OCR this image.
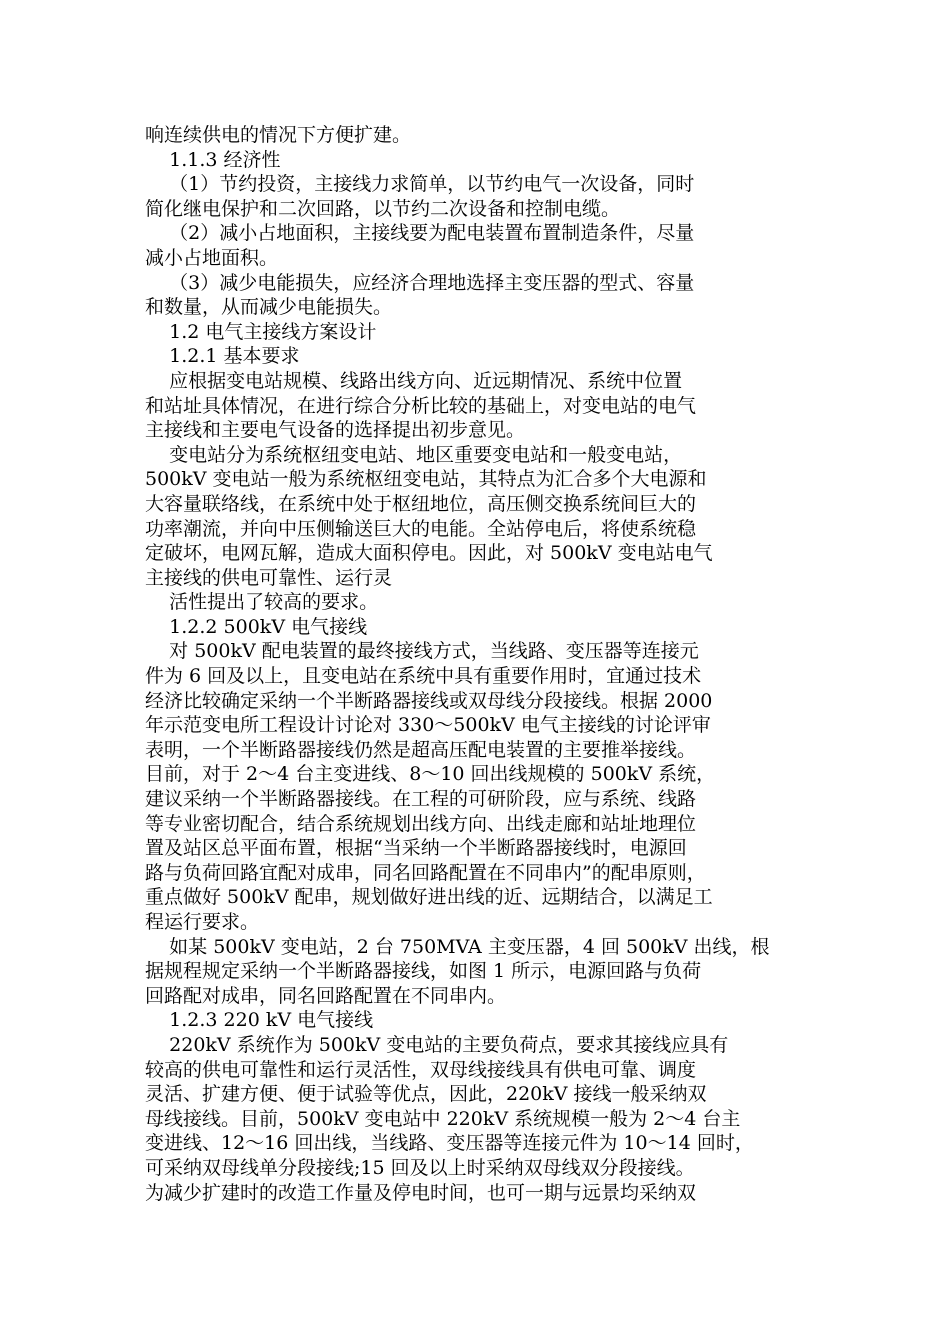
响连续供电的情况下方便扩建。
1.1.3 经济性
（1）节约投资，主接线力求简单，以节约电气一次设备，同时
简化继电保护和二次回路，以节约二次设备和控制电缆。
（2）减小占地面积，主接线要为配电装置布置制造条件，尽量
减小占地面积。
（3）减少电能损失，应经济合理地选择主变压器的型式、容量
和数量，从而减少电能损失。
1.2 电气主接线方案设计
1.2.1 基本要求
应根据变电站规模、线路出线方向、近远期情况、系统中位置
和站址具体情况，在进行综合分析比较的基础上，对变电站的电气
主接线和主要电气设备的选择提出初步意见。
变电站分为系统枢纽变电站、地区重要变电站和一般变电站，
500kV 变电站一般为系统枢纽变电站，其特点为汇合多个大电源和
大容量联络线，在系统中处于枢纽地位，高压侧交换系统间巨大的
功率潮流，并向中压侧输送巨大的电能。全站停电后，将使系统稳
定破坏，电网瓦解，造成大面积停电。因此，对 500kV 变电站电气
主接线的供电可靠性、运行灵
活性提出了较高的要求。
1.2.2 500kV 电气接线
对 500kV 配电装置的最终接线方式，当线路、变压器等连接元
件为 6 回及以上，且变电站在系统中具有重要作用时，宜通过技术
经济比较确定采纳一个半断路器接线或双母线分段接线。根据 2000
年示范变电所工程设计讨论对 330～500kV 电气主接线的讨论评审
表明，一个半断路器接线仍然是超高压配电装置的主要推举接线。
目前，对于 2～4 台主变进线、8～10 回出线规模的 500kV 系统，
建议采纳一个半断路器接线。在工程的可研阶段，应与系统、线路
等专业密切配合，结合系统规划出线方向、出线走廊和站址地理位
置及站区总平面布置，根据“当采纳一个半断路器接线时，电源回
路与负荷回路宜配对成串，同名回路配置在不同串内”的配串原则，
重点做好 500kV 配串，规划做好进出线的近、远期结合，以满足工
程运行要求。
如某 500kV 变电站，2 台 750MVA 主变压器，4 回 500kV 出线，根
据规程规定采纳一个半断路器接线，如图 1 所示，电源回路与负荷
回路配对成串，同名回路配置在不同串内。
1.2.3 220 kV 电气接线
220kV 系统作为 500kV 变电站的主要负荷点，要求其接线应具有
较高的供电可靠性和运行灵活性，双母线接线具有供电可靠、调度
灵活、扩建方便、便于试验等优点，因此，220kV 接线一般采纳双
母线接线。目前，500kV 变电站中 220kV 系统规模一般为 2～4 台主
变进线、12～16 回出线，当线路、变压器等连接元件为 10～14 回时，
可采纳双母线单分段接线;15 回及以上时采纳双母线双分段接线。
为减少扩建时的改造工作量及停电时间，也可一期与远景均采纳双
